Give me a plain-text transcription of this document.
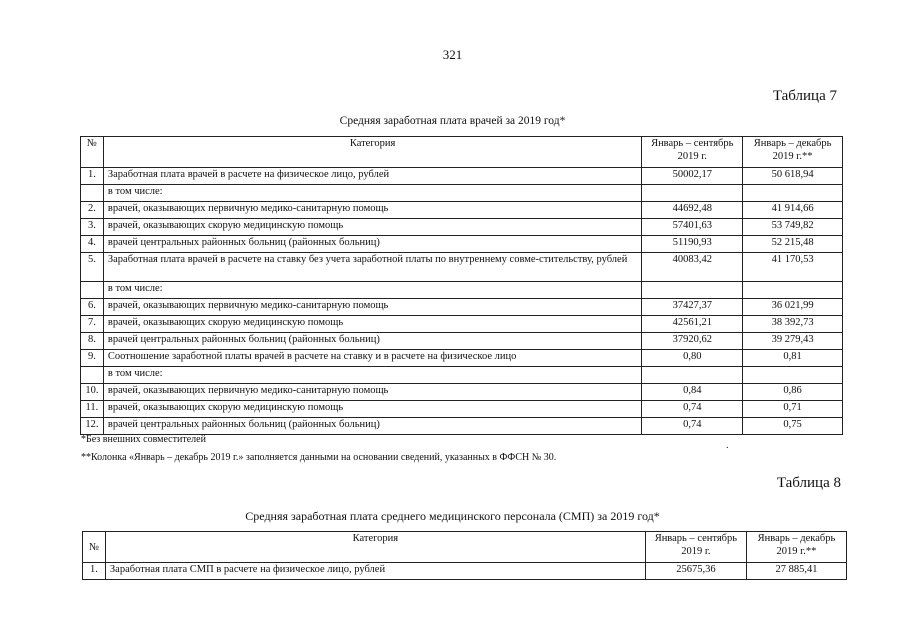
321
Таблица 7
Средняя заработная плата врачей за 2019 год*
№	Категория	Январь – сентябрь 2019 г.	Январь – декабрь 2019 г.**
1.	Заработная плата врачей в расчете на физическое лицо, рублей	50002,17	50 618,94
	в том числе:		
2.	врачей, оказывающих первичную медико-санитарную помощь	44692,48	41 914,66
3.	врачей, оказывающих скорую медицинскую помощь	57401,63	53 749,82
4.	врачей центральных районных больниц (районных больниц)	51190,93	52 215,48
5.	Заработная плата врачей в расчете на ставку без учета заработной платы по внутреннему совме-стительству, рублей	40083,42	41 170,53
	в том числе:		
6.	врачей, оказывающих первичную медико-санитарную помощь	37427,37	36 021,99
7.	врачей, оказывающих скорую медицинскую помощь	42561,21	38 392,73
8.	врачей центральных районных больниц (районных больниц)	37920,62	39 279,43
9.	Соотношение заработной платы врачей в расчете на ставку и в расчете на физическое лицо	0,80	0,81
	в том числе:		
10.	врачей, оказывающих первичную медико-санитарную помощь	0,84	0,86
11.	врачей, оказывающих скорую медицинскую помощь	0,74	0,71
12.	врачей центральных районных больниц (районных больниц)	0,74	0,75
*Без внешних совместителей
.
**Колонка «Январь – декабрь 2019 г.» заполняется данными на основании сведений, указанных в ФФСН № 30.
Таблица 8
Средняя заработная плата среднего медицинского персонала (СМП) за 2019 год*
№	Категория	Январь – сентябрь 2019 г.	Январь – декабрь 2019 г.**
1.	Заработная плата СМП в расчете на физическое лицо, рублей	25675,36	27 885,41
